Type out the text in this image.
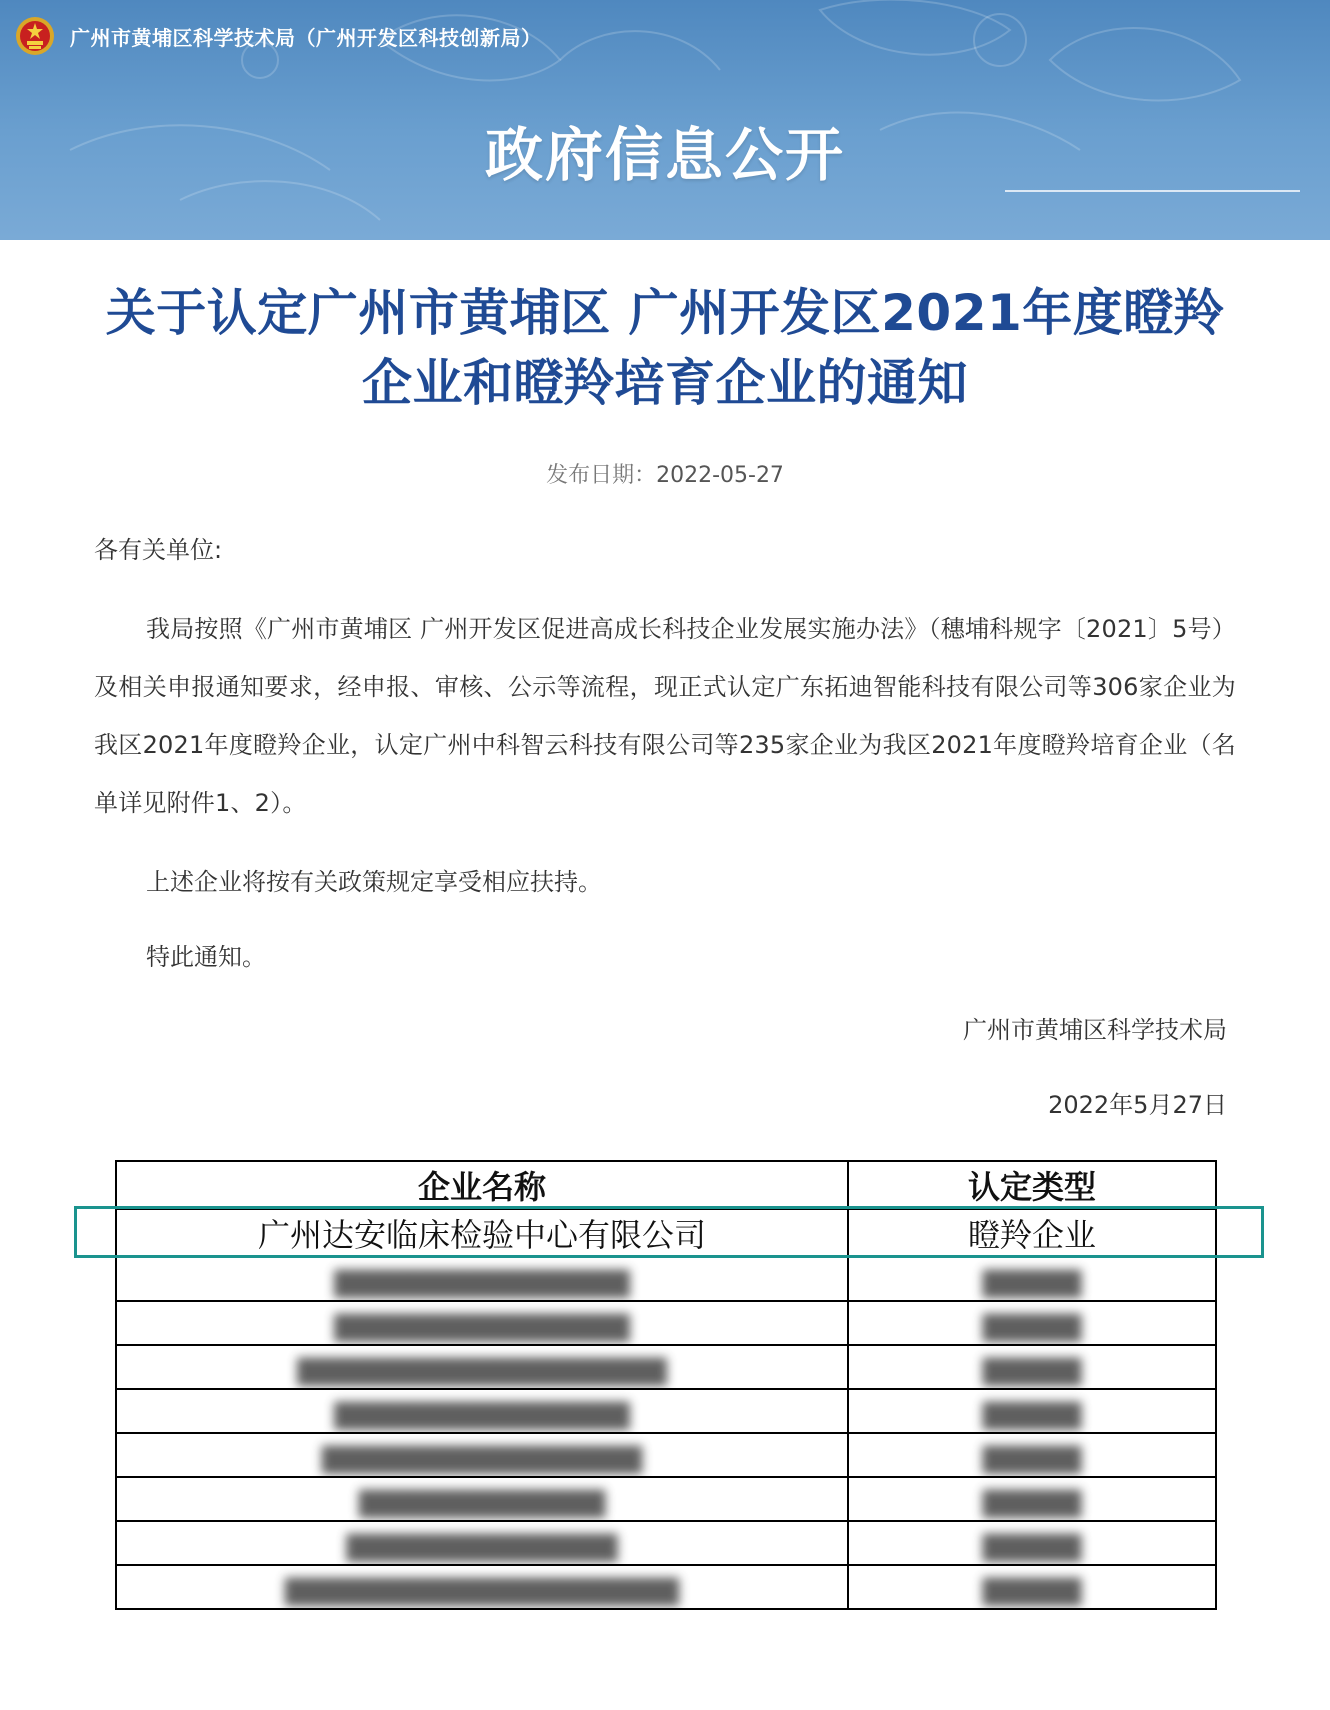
广州市黄埔区科学技术局（广州开发区科技创新局）
政府信息公开
关于认定广州市黄埔区 广州开发区2021年度瞪羚
企业和瞪羚培育企业的通知
发布日期：2022-05-27
各有关单位:
我局按照《广州市黄埔区 广州开发区促进高成长科技企业发展实施办法》（穗埔科规字〔2021〕5号）及相关申报通知要求，经申报、审核、公示等流程，现正式认定广东拓迪智能科技有限公司等306家企业为我区2021年度瞪羚企业，认定广州中科智云科技有限公司等235家企业为我区2021年度瞪羚培育企业（名单详见附件1、2）。
上述企业将按有关政策规定享受相应扶持。
特此通知。
广州市黄埔区科学技术局
2022年5月27日
企业名称	认定类型
广州达安临床检验中心有限公司	瞪羚企业

▆▆▆▆▆▆▆▆▆▆▆▆	▆▆▆▆

▆▆▆▆▆▆▆▆▆▆▆▆	▆▆▆▆

▆▆▆▆▆▆▆▆▆▆▆▆▆▆▆	▆▆▆▆

▆▆▆▆▆▆▆▆▆▆▆▆	▆▆▆▆

▆▆▆▆▆▆▆▆▆▆▆▆▆	▆▆▆▆

▆▆▆▆▆▆▆▆▆▆	▆▆▆▆

▆▆▆▆▆▆▆▆▆▆▆	▆▆▆▆

▆▆▆▆▆▆▆▆▆▆▆▆▆▆▆▆	▆▆▆▆
